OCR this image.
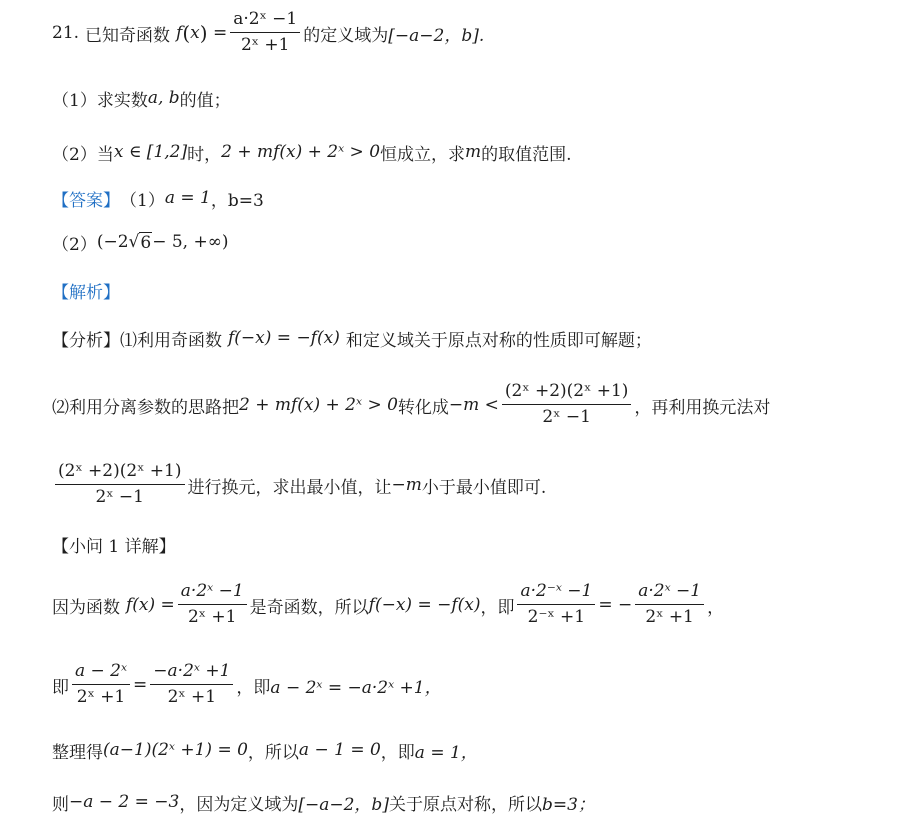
21. 已知奇函数 f ( x ) = $\frac{\text{a·2ˣ −1}}{\text{2ˣ +1}}$ 的定义域为 [−a−2，b].
（1）求实数 a, b 的值；
（2）当 x ∈ [1,2] 时， 2 + mf(x) + 2ˣ > 0 恒成立，求 m 的取值范围.
【答案】 （1） a = 1 ，b=3
（2） (−2 √ 6 − 5, +∞)
【解析】
【分析】 ⑴利用奇函数 f(−x) = −f(x) 和定义域关于原点对称的性质即可解题；
⑵利用分离参数的思路把 2 + mf(x) + 2ˣ > 0 转化成 $-m < \frac{\text{(2ˣ +2)(2ˣ +1)}}{\text{2ˣ −1}}$ ，再利用换元法对
$\frac{\text{(2ˣ +2)(2ˣ +1)}}{\text{2ˣ −1}}$ 进行换元，求出最小值，让 −m 小于最小值即可.
【小问 1 详解】
因为函数 $f(x) = \frac{\text{a·2ˣ −1}}{\text{2ˣ +1}}$ 是奇函数，所以 f(−x) = −f(x) ，即 $\frac{\text{a·2⁻ˣ −1}}{\text{2⁻ˣ +1}}$ = − $\frac{\text{a·2ˣ −1}}{\text{2ˣ +1}}$ ，
即 $\frac{\text{a − 2ˣ}}{\text{2ˣ +1}} = \frac{\text{−a·2ˣ +1}}{\text{2ˣ +1}}$ ，即 a − 2ˣ = −a·2ˣ +1，
整理得 (a−1)(2ˣ +1) = 0 ，所以 a − 1 = 0 ，即 a = 1，
则 −a − 2 = −3 ，因为定义域为 [−a−2，b] 关于原点对称，所以 b=3；
